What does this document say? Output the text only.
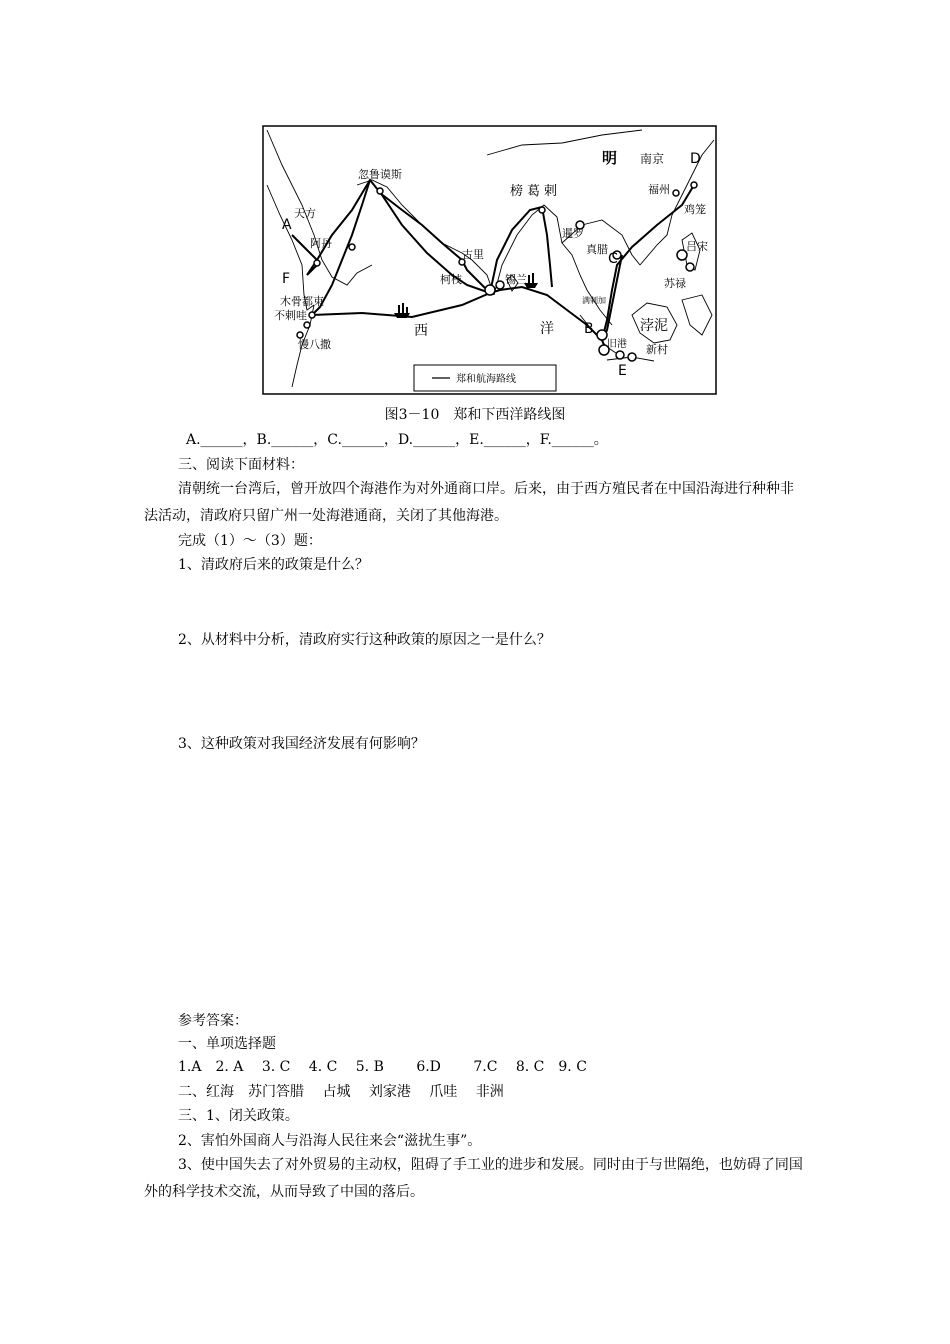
明 南京
福州
鸡笼
吕宋
苏禄
浡泥
新村
旧港
满剌加
真腊
暹罗
榜葛剌
锡兰
柯枝
古里
忽鲁谟斯
天方
阿丹
木骨都束
不剌哇
慢八撒
西	洋
A
B
C
D
E
F
郑和航海路线
图3－10　郑和下西洋路线图
A.______，B.______，C.______，D.______，E.______，F.______。
三、阅读下面材料：
清朝统一台湾后，曾开放四个海港作为对外通商口岸。后来，由于西方殖民者在中国沿海进行种种非法活动，清政府只留广州一处海港通商，关闭了其他海港。
完成（1）～（3）题：
1、清政府后来的政策是什么？
2、从材料中分析，清政府实行这种政策的原因之一是什么？
3、这种政策对我国经济发展有何影响？
参考答案：
一、单项选择题
1.A　2. A　 3. C　 4. C　 5. B　　 6.D　　 7.C　 8. C　9. C
二、红海　苏门答腊　 占城　 刘家港　 爪哇　 非洲
三、1、闭关政策。
2、害怕外国商人与沿海人民往来会“滋扰生事”。
3、使中国失去了对外贸易的主动权，阻碍了手工业的进步和发展。同时由于与世隔绝，也妨碍了同国外的科学技术交流，从而导致了中国的落后。
